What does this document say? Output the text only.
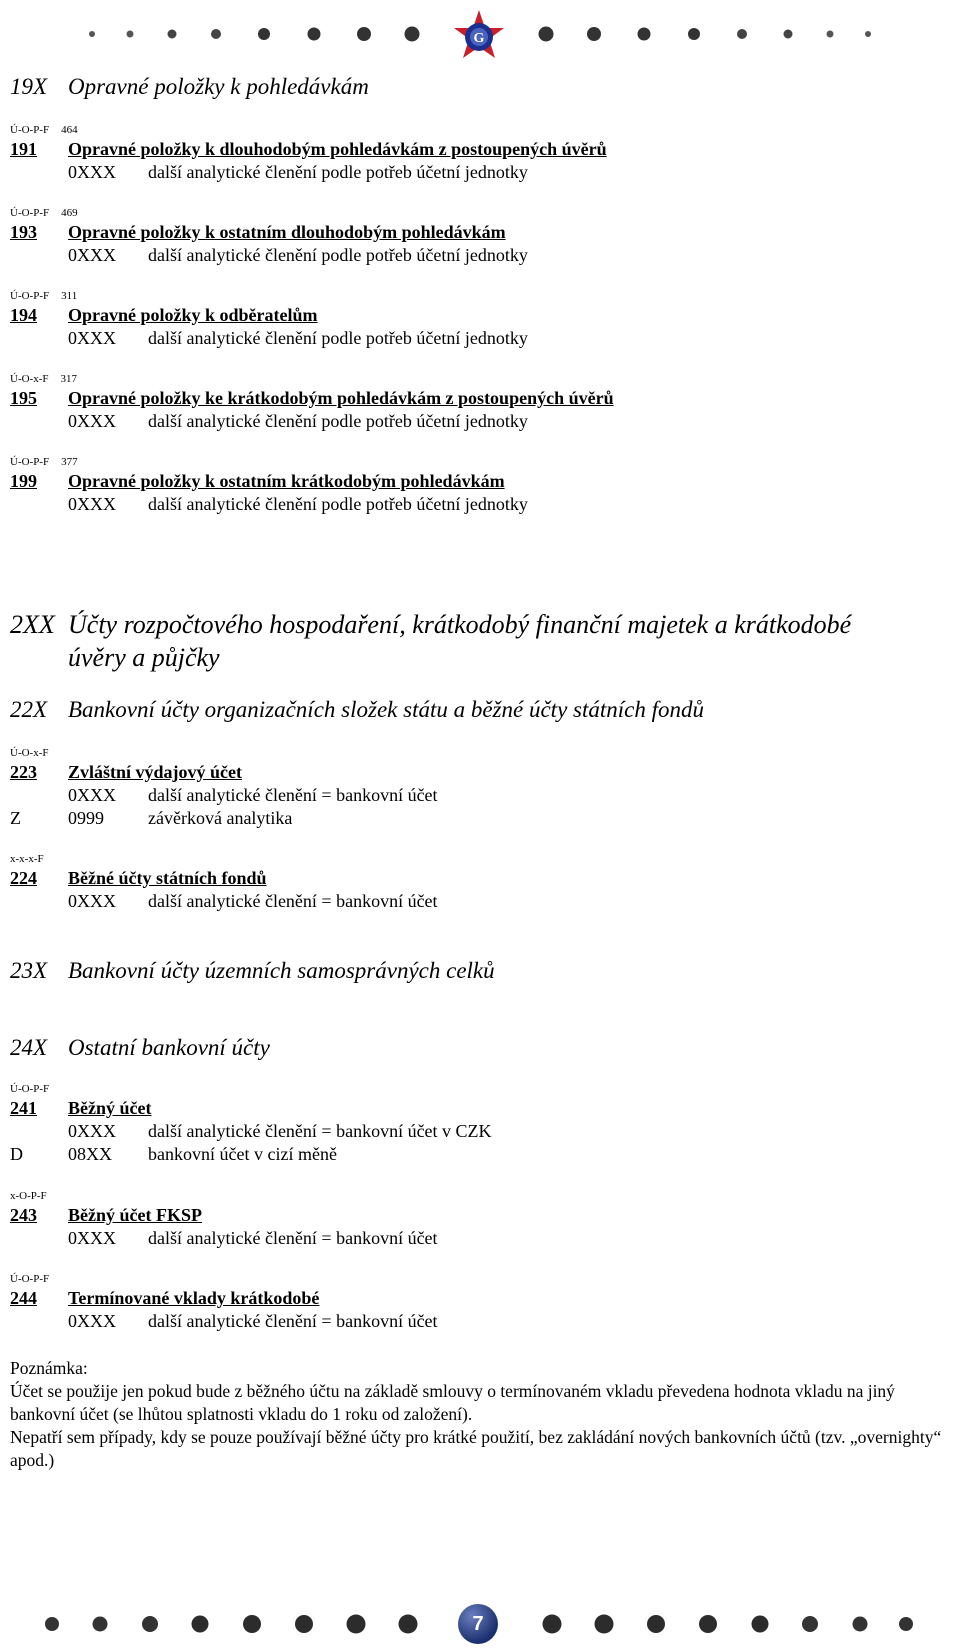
G
19X Opravné položky k pohledávkám
Ú-O-P-F 464
191 Opravné položky k dlouhodobým pohledávkám z postoupených úvěrů
0XXX další analytické členění podle potřeb účetní jednotky
Ú-O-P-F 469
193 Opravné položky k ostatním dlouhodobým pohledávkám
0XXX další analytické členění podle potřeb účetní jednotky
Ú-O-P-F 311
194 Opravné položky k odběratelům
0XXX další analytické členění podle potřeb účetní jednotky
Ú-O-x-F 317
195 Opravné položky ke krátkodobým pohledávkám z postoupených úvěrů
0XXX další analytické členění podle potřeb účetní jednotky
Ú-O-P-F 377
199 Opravné položky k ostatním krátkodobým pohledávkám
0XXX další analytické členění podle potřeb účetní jednotky
2XX Účty rozpočtového hospodaření, krátkodobý finanční majetek a krátkodobé
úvěry a půjčky
22X Bankovní účty organizačních složek státu a běžné účty státních fondů
Ú-O-x-F
223 Zvláštní výdajový účet
0XXX další analytické členění = bankovní účet
Z	0999 závěrková analytika
x-x-x-F
224 Běžné účty státních fondů
0XXX další analytické členění = bankovní účet
23X Bankovní účty územních samosprávných celků
24X Ostatní bankovní účty
Ú-O-P-F
241 Běžný účet
0XXX další analytické členění = bankovní účet v CZK
D	08XX bankovní účet v cizí měně
x-O-P-F
243 Běžný účet FKSP
0XXX další analytické členění = bankovní účet
Ú-O-P-F
244 Termínované vklady krátkodobé
0XXX další analytické členění = bankovní účet

Poznámka:

Účet se použije jen pokud bude z běžného účtu na základě smlouvy o termínovaném vkladu převedena hodnota vkladu na jiný bankovní účet (se lhůtou splatnosti vkladu do 1 roku od založení).

Nepatří sem případy, kdy se pouze používají běžné účty pro krátké použití, bez zakládání nových bankovních účtů (tzv. „overnighty“ apod.)

7
